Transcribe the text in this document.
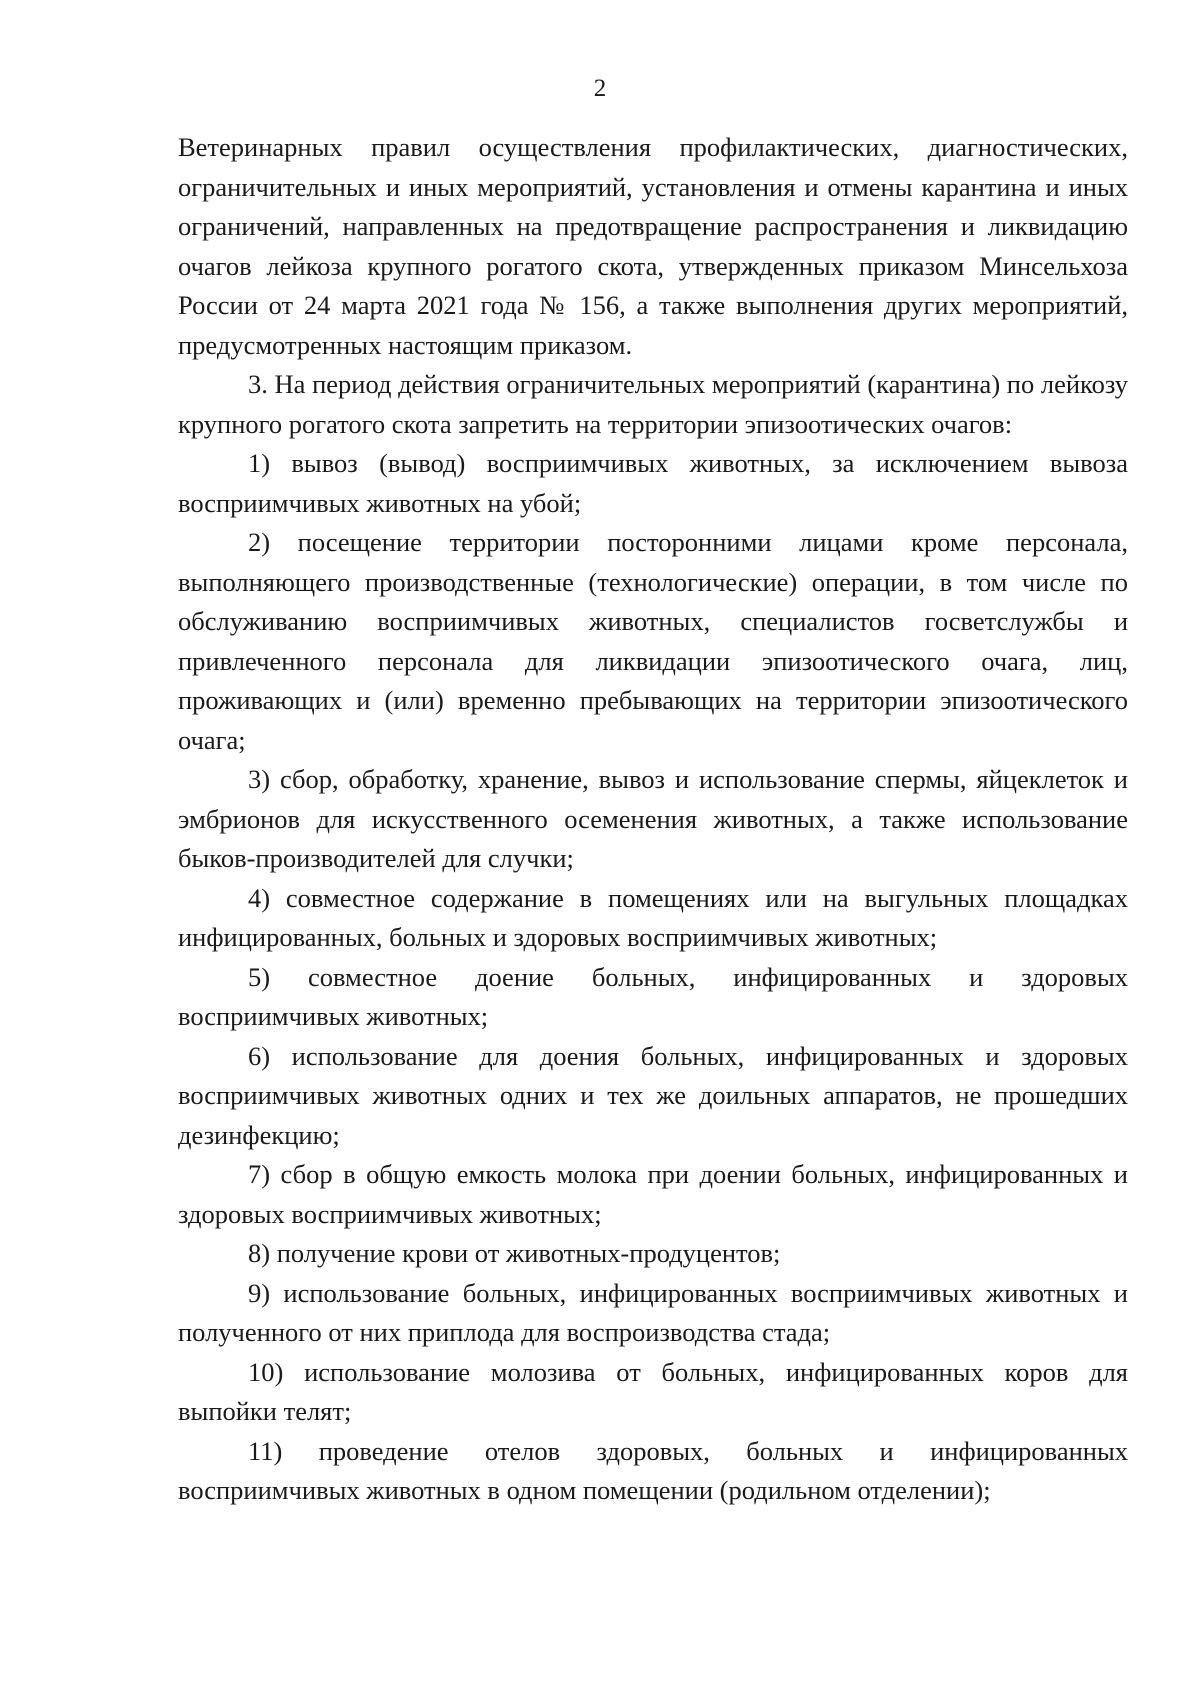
2

Ветеринарных правил осуществления профилактических, диагностических, ограничительных и иных мероприятий, установления и отмены карантина и иных ограничений, направленных на предотвращение распространения и ликвидацию очагов лейкоза крупного рогатого скота, утвержденных приказом Минсельхоза России от 24 марта 2021 года № 156, а также выполнения других мероприятий, предусмотренных настоящим приказом.

3. На период действия ограничительных мероприятий (карантина) по лейкозу крупного рогатого скота запретить на территории эпизоотических очагов:

1) вывоз (вывод) восприимчивых животных, за исключением вывоза восприимчивых животных на убой;

2) посещение территории посторонними лицами кроме персонала, выполняющего производственные (технологические) операции, в том числе по обслуживанию восприимчивых животных, специалистов госветслужбы и привлеченного персонала для ликвидации эпизоотического очага, лиц, проживающих и (или) временно пребывающих на территории эпизоотического очага;

3) сбор, обработку, хранение, вывоз и использование спермы, яйцеклеток и эмбрионов для искусственного осеменения животных, а также использование быков-производителей для случки;

4) совместное содержание в помещениях или на выгульных площадках инфицированных, больных и здоровых восприимчивых животных;

5) совместное доение больных, инфицированных и здоровых восприимчивых животных;

6) использование для доения больных, инфицированных и здоровых восприимчивых животных одних и тех же доильных аппаратов, не прошедших дезинфекцию;

7) сбор в общую емкость молока при доении больных, инфицированных и здоровых восприимчивых животных;

8) получение крови от животных-продуцентов;

9) использование больных, инфицированных восприимчивых животных и полученного от них приплода для воспроизводства стада;

10) использование молозива от больных, инфицированных коров для выпойки телят;

11) проведение отелов здоровых, больных и инфицированных восприимчивых животных в одном помещении (родильном отделении);
